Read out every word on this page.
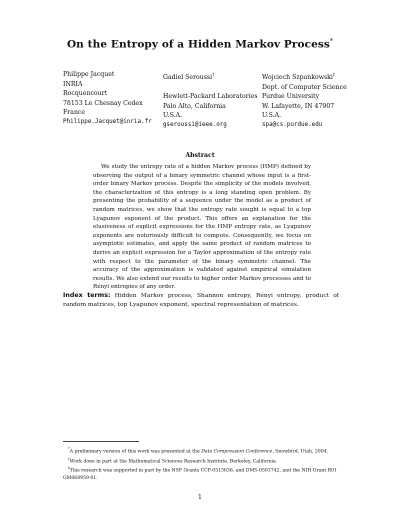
On the Entropy of a Hidden Markov Process*
Philippe Jacquet
INRIA
Rocquencourt
78153 Le Chesnay Cedex
France
Philippe.Jacquet@inria.fr
Gadiel Seroussi†

Hewlett-Packard Laboratories
Palo Alto, California
U.S.A.
gseroussi@ieee.org
Wojciech Szpankowski‡
Dept. of Computer Science
Purdue University
W. Lafayette, IN 47907
U.S.A.
spa@cs.purdue.edu
Abstract
We study the entropy rate of a hidden Markov process (HMP) defined by observing the output of a binary symmetric channel whose input is a first-order binary Markov process. Despite the simplicity of the models involved, the characterization of this entropy is a long standing open problem. By presenting the probability of a sequence under the model as a product of random matrices, we show that the entropy rate sought is equal to a top Lyapunov exponent of the product. This offers an explanation for the elusiveness of explicit expressions for the HMP entropy rate, as Lyapunov exponents are notoriously difficult to compute. Consequently, we focus on asymptotic estimates, and apply the same product of random matrices to derive an explicit expression for a Taylor approximation of the entropy rate with respect to the parameter of the binary symmetric channel. The accuracy of the approximation is validated against empirical simulation results. We also extend our results to higher order Markov processes and to Rényi entropies of any order.
Index terms: Hidden Markov process, Shannon entropy, Rényi entropy, product of random matrices, top Lyapunov exponent, spectral representation of matrices.
*A preliminary version of this work was presented at the Data Compression Conference, Snowbird, Utah, 2004.
†Work done in part at the Mathematical Sciences Research Institute, Berkeley, California.
‡This research was supported in part by the NSF Grants CCF-0513636, and DMS-0503742, and the NIH Grant R01 GM068959-01.
1
